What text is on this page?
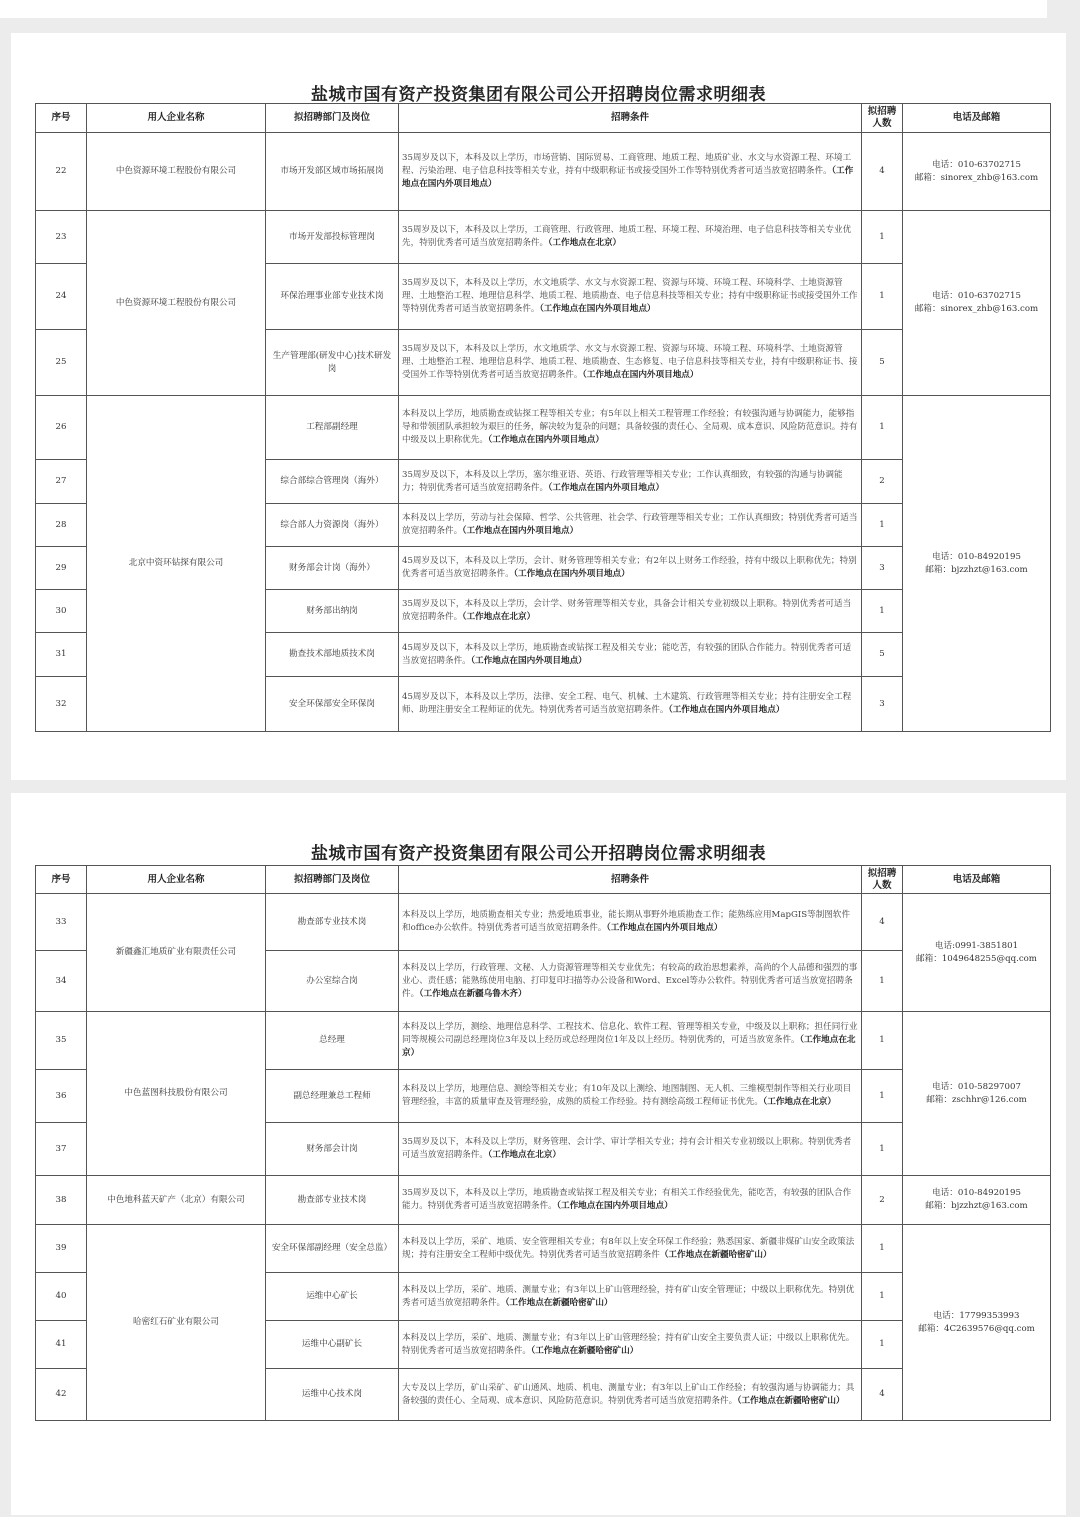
盐城市国有资产投资集团有限公司公开招聘岗位需求明细表
序号	用人企业名称	拟招聘部门及岗位	招聘条件	拟招聘人数	电话及邮箱
22	中色资源环境工程股份有限公司	市场开发部区域市场拓展岗	35周岁及以下，本科及以上学历，市场营销、国际贸易、工商管理、地质工程、地质矿业、水文与水资源工程、环境工程、污染治理、电子信息科技等相关专业，持有中级职称证书或接受国外工作等特别优秀者可适当放宽招聘条件。（工作地点在国内外项目地点）	4	电话：010-63702715
邮箱：sinorex_zhb@163.com

23	中色资源环境工程股份有限公司	市场开发部投标管理岗	35周岁及以下，本科及以上学历，工商管理、行政管理、地质工程、环境工程、环境治理、电子信息科技等相关专业优先，特别优秀者可适当放宽招聘条件。（工作地点在北京）	1	电话：010-63702715
邮箱：sinorex_zhb@163.com

24		环保治理事业部专业技术岗	35周岁及以下，本科及以上学历，水文地质学、水文与水资源工程、资源与环境、环境工程、环境科学、土地资源管理、土地整治工程、地理信息科学、地质工程、地质勘查、电子信息科技等相关专业；持有中级职称证书或接受国外工作等特别优秀者可适当放宽招聘条件。（工作地点在国内外项目地点）	1	
25		生产管理部(研发中心)技术研发岗	35周岁及以下，本科及以上学历，水文地质学、水文与水资源工程、资源与环境、环境工程、环境科学、土地资源管理、土地整治工程、地理信息科学、地质工程、地质勘查、生态修复、电子信息科技等相关专业，持有中级职称证书、接受国外工作等特别优秀者可适当放宽招聘条件。（工作地点在国内外项目地点）	5	
26	北京中资环钻探有限公司	工程部副经理	本科及以上学历，地质勘查或钻探工程等相关专业；有5年以上相关工程管理工作经验；有较强沟通与协调能力，能够指导和带领团队承担较为艰巨的任务，解决较为复杂的问题；具备较强的责任心、全局观、成本意识、风险防范意识。持有中级及以上职称优先。（工作地点在国内外项目地点）	1	电话：010-84920195
邮箱：bjzzhzt@163.com

27		综合部综合管理岗（海外）	35周岁及以下，本科及以上学历，塞尔维亚语、英语、行政管理等相关专业；工作认真细致，有较强的沟通与协调能力；特别优秀者可适当放宽招聘条件。（工作地点在国内外项目地点）	2	
28		综合部人力资源岗（海外）	本科及以上学历，劳动与社会保障、哲学、公共管理、社会学、行政管理等相关专业；工作认真细致；特别优秀者可适当放宽招聘条件。（工作地点在国内外项目地点）	1	
29		财务部会计岗（海外）	45周岁及以下，本科及以上学历，会计、财务管理等相关专业；有2年以上财务工作经验，持有中级以上职称优先；特别优秀者可适当放宽招聘条件。（工作地点在国内外项目地点）	3	
30		财务部出纳岗	35周岁及以下，本科及以上学历，会计学、财务管理等相关专业，具备会计相关专业初级以上职称。特别优秀者可适当放宽招聘条件。（工作地点在北京）	1	
31		勘查技术部地质技术岗	45周岁及以下，本科及以上学历，地质勘查或钻探工程及相关专业；能吃苦，有较强的团队合作能力。特别优秀者可适当放宽招聘条件。（工作地点在国内外项目地点）	5	
32		安全环保部安全环保岗	45周岁及以下，本科及以上学历，法律、安全工程、电气、机械、土木建筑、行政管理等相关专业；持有注册安全工程师、助理注册安全工程师证的优先。特别优秀者可适当放宽招聘条件。（工作地点在国内外项目地点）	3	
盐城市国有资产投资集团有限公司公开招聘岗位需求明细表
序号	用人企业名称	拟招聘部门及岗位	招聘条件	拟招聘人数	电话及邮箱
33	新疆鑫汇地质矿业有限责任公司	勘查部专业技术岗	本科及以上学历，地质勘查相关专业；热爱地质事业，能长期从事野外地质勘查工作；能熟练应用MapGIS等制图软件和office办公软件。特别优秀者可适当放宽招聘条件。（工作地点在国内外项目地点）	4	电话:0991-3851801
邮箱：1049648255@qq.com

34		办公室综合岗	本科及以上学历，行政管理、文秘、人力资源管理等相关专业优先；有较高的政治思想素养，高尚的个人品德和强烈的事业心、责任感；能熟练使用电脑、打印复印扫描等办公设备和Word、Excel等办公软件。特别优秀者可适当放宽招聘条件。（工作地点在新疆乌鲁木齐）	1	
35	中色蓝图科技股份有限公司	总经理	本科及以上学历，测绘、地理信息科学、工程技术、信息化、软件工程、管理等相关专业，中级及以上职称；担任同行业同等规模公司副总经理岗位3年及以上经历或总经理岗位1年及以上经历。特别优秀的，可适当放宽条件。（工作地点在北京）	1	电话：010-58297007
邮箱：zschhr@126.com

36		副总经理兼总工程师	本科及以上学历，地理信息、测绘等相关专业；有10年及以上测绘、地图制图、无人机、三维模型制作等相关行业项目管理经验，丰富的质量审查及管理经验，成熟的质检工作经验。持有测绘高级工程师证书优先。（工作地点在北京）	1	
37		财务部会计岗	35周岁及以下，本科及以上学历，财务管理、会计学、审计学相关专业；持有会计相关专业初级以上职称。特别优秀者可适当放宽招聘条件。（工作地点在北京）	1	
38	中色地科蓝天矿产（北京）有限公司	勘查部专业技术岗	35周岁及以下，本科及以上学历，地质勘查或钻探工程及相关专业；有相关工作经验优先，能吃苦，有较强的团队合作能力。特别优秀者可适当放宽招聘条件。（工作地点在国内外项目地点）	2	电话：010-84920195
邮箱：bjzzhzt@163.com

39	哈密红石矿业有限公司	安全环保部副经理（安全总监）	本科及以上学历，采矿、地质、安全管理相关专业；有8年以上安全环保工作经验；熟悉国家、新疆非煤矿山安全政策法规；持有注册安全工程师中级优先。特别优秀者可适当放宽招聘条件（工作地点在新疆哈密矿山）	1	电话：17799353993
邮箱：4C2639576@qq.com

40		运维中心矿长	本科及以上学历，采矿、地质、测量专业；有3年以上矿山管理经验，持有矿山安全管理证；中级以上职称优先。特别优秀者可适当放宽招聘条件。（工作地点在新疆哈密矿山）	1	
41		运维中心副矿长	本科及以上学历，采矿、地质、测量专业；有3年以上矿山管理经验；持有矿山安全主要负责人证；中级以上职称优先。特别优秀者可适当放宽招聘条件。（工作地点在新疆哈密矿山）	1	
42		运维中心技术岗	大专及以上学历，矿山采矿、矿山通风、地质、机电、测量专业；有3年以上矿山工作经验；有较强沟通与协调能力；具备较强的责任心、全局观、成本意识、风险防范意识。特别优秀者可适当放宽招聘条件。（工作地点在新疆哈密矿山）	4	
